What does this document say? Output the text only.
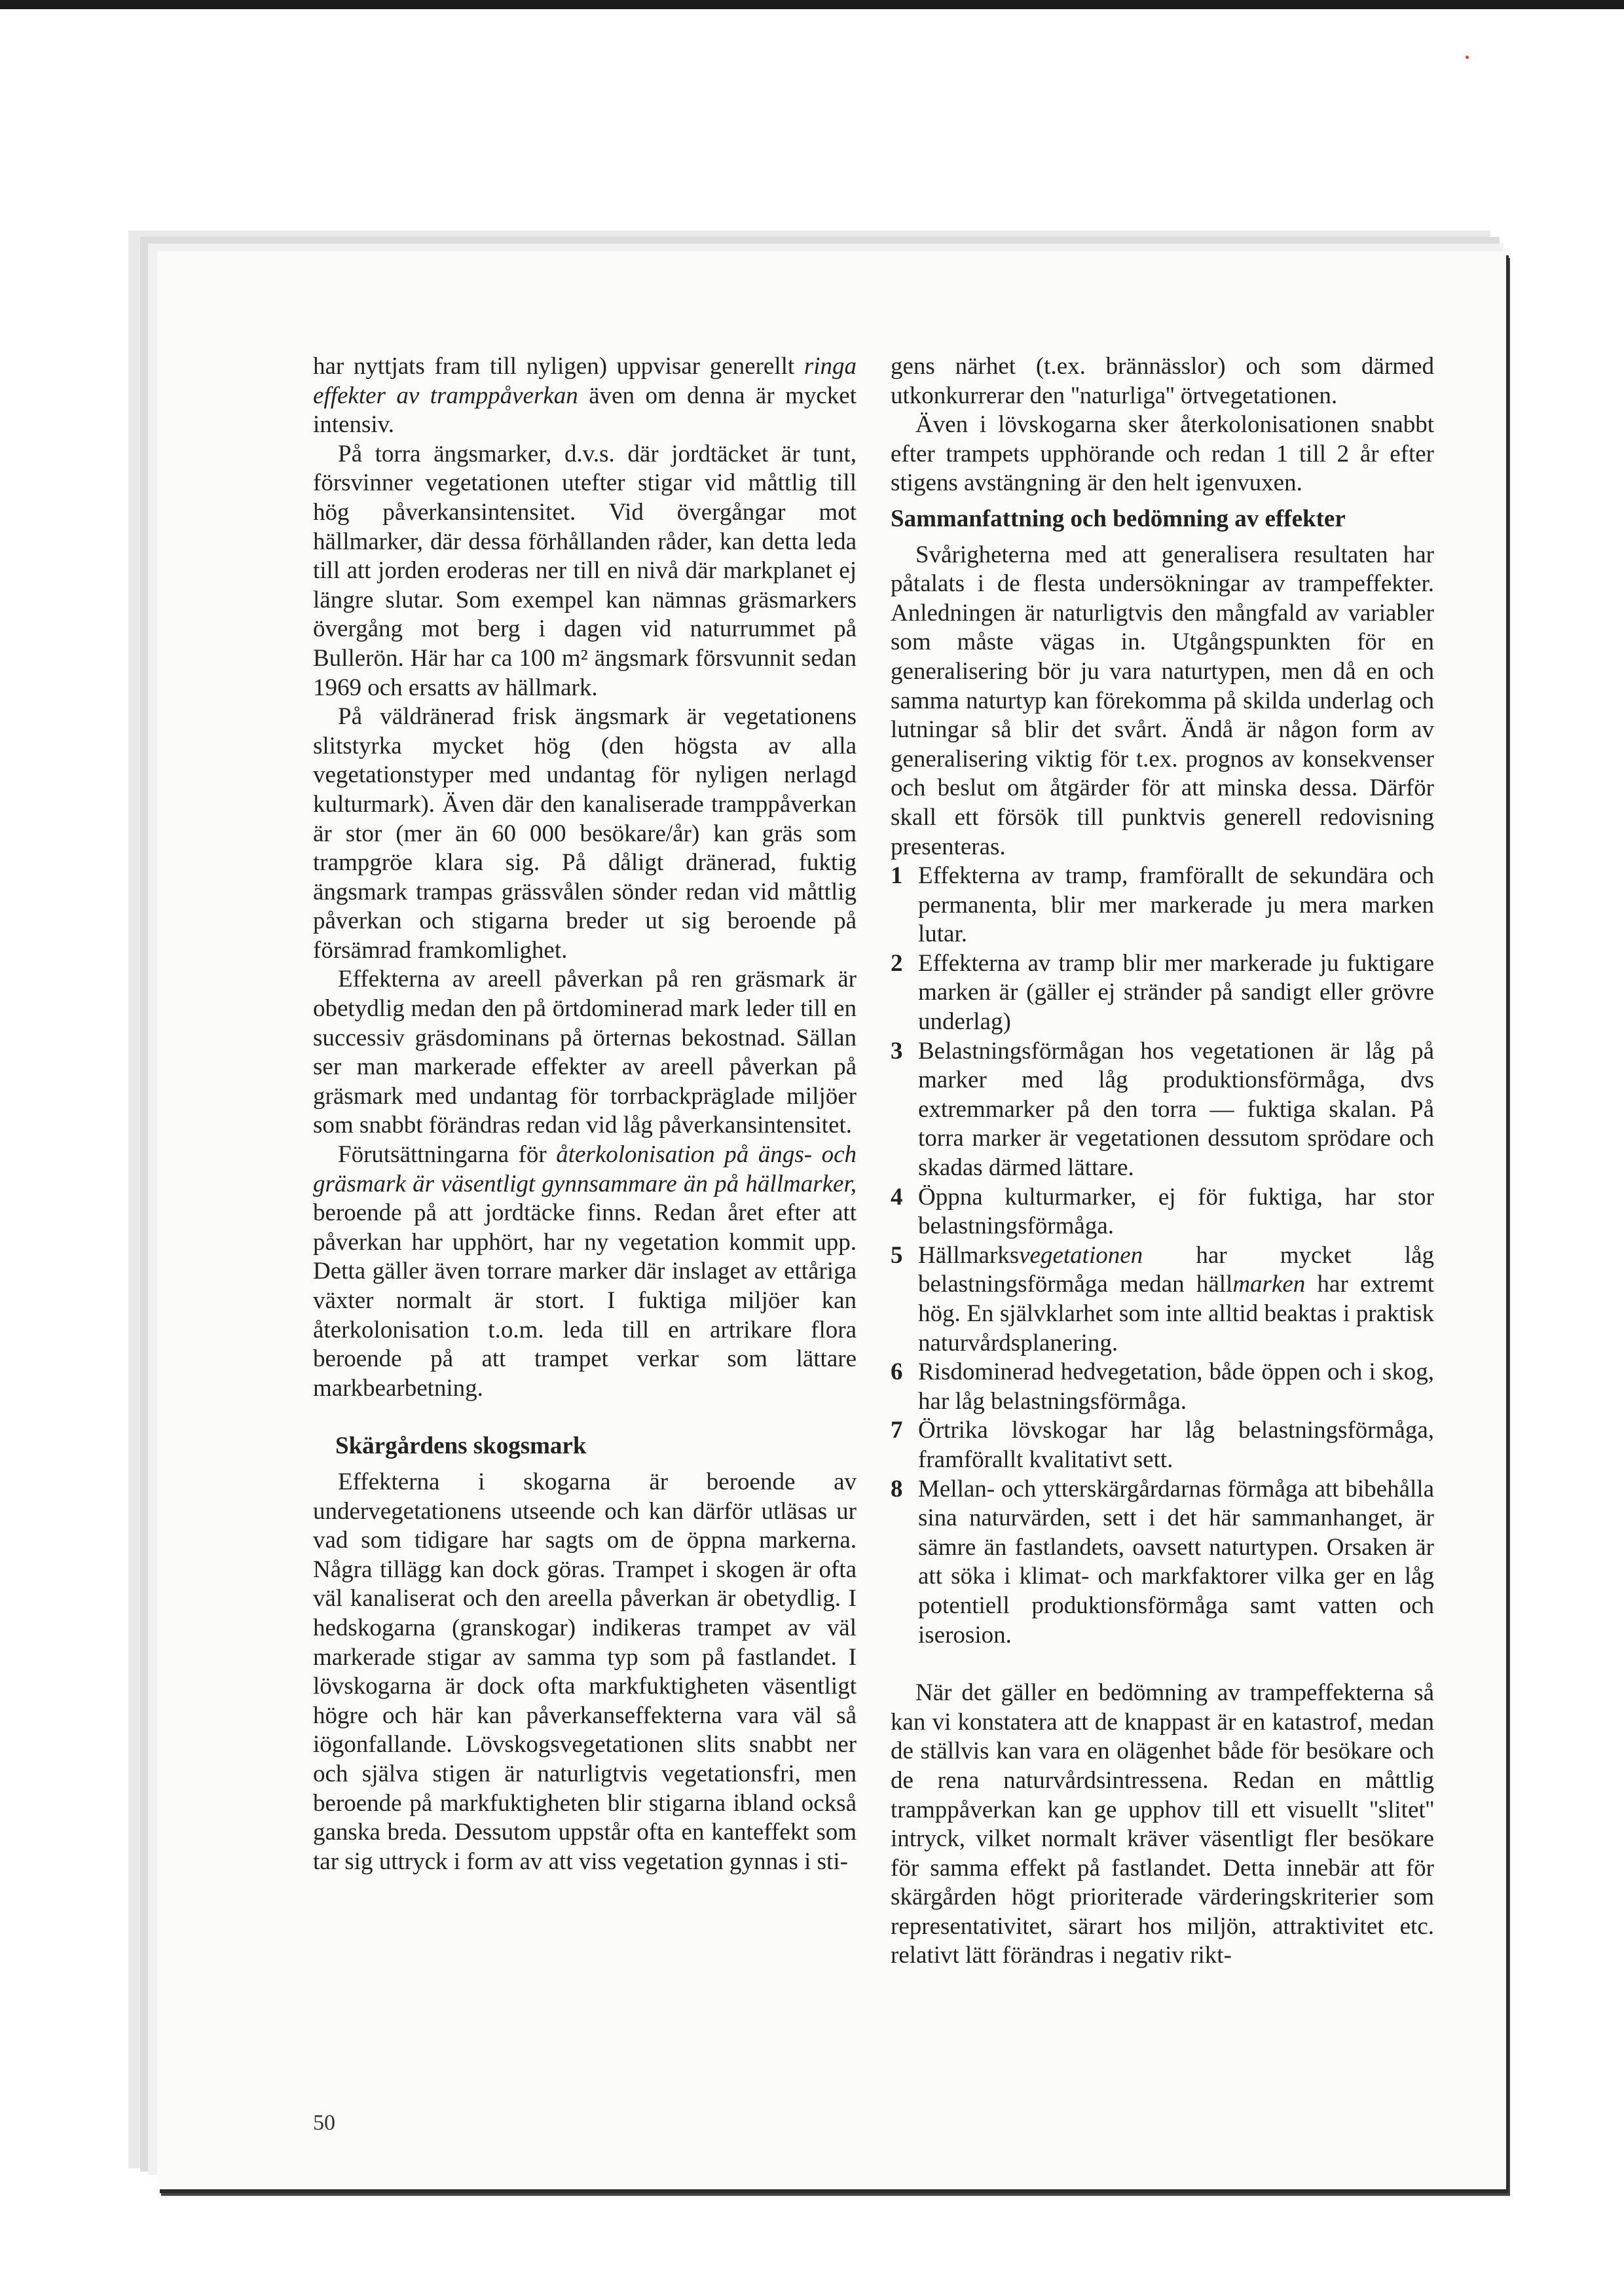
har nyttjats fram till nyligen) uppvisar generellt ringa effekter av tramppåverkan även om denna är mycket intensiv.

På torra ängsmarker, d.v.s. där jordtäcket är tunt, försvinner vegetationen utefter stigar vid måttlig till hög påverkansintensitet. Vid övergångar mot hällmarker, där dessa förhållanden råder, kan detta leda till att jorden eroderas ner till en nivå där markplanet ej längre slutar. Som exempel kan nämnas gräsmarkers övergång mot berg i dagen vid naturrummet på Bullerön. Här har ca 100 m² ängsmark försvunnit sedan 1969 och ersatts av hällmark.

På väldränerad frisk ängsmark är vegetationens slitstyrka mycket hög (den högsta av alla vegetationstyper med undantag för nyligen nerlagd kulturmark). Även där den kanaliserade tramppåverkan är stor (mer än 60 000 besökare/år) kan gräs som trampgröe klara sig. På dåligt dränerad, fuktig ängsmark trampas grässvålen sönder redan vid måttlig påverkan och stigarna breder ut sig beroende på försämrad framkomlighet.

Effekterna av areell påverkan på ren gräsmark är obetydlig medan den på örtdominerad mark leder till en successiv gräsdominans på örternas bekostnad. Sällan ser man markerade effekter av areell påverkan på gräsmark med undantag för torrbackpräglade miljöer som snabbt förändras redan vid låg påverkansintensitet.

Förutsättningarna för återkolonisation på ängs- och gräsmark är väsentligt gynnsammare än på hällmarker, beroende på att jordtäcke finns. Redan året efter att påverkan har upphört, har ny vegetation kommit upp. Detta gäller även torrare marker där inslaget av ettåriga växter normalt är stort. I fuktiga miljöer kan återkolonisation t.o.m. leda till en artrikare flora beroende på att trampet verkar som lättare markbearbetning.

Skärgårdens skogsmark

Effekterna i skogarna är beroende av undervegetationens utseende och kan därför utläsas ur vad som tidigare har sagts om de öppna markerna. Några tillägg kan dock göras. Trampet i skogen är ofta väl kanaliserat och den areella påverkan är obetydlig. I hedskogarna (granskogar) indikeras trampet av väl markerade stigar av samma typ som på fastlandet. I lövskogarna är dock ofta markfuktigheten väsentligt högre och här kan påverkanseffekterna vara väl så iögonfallande. Lövskogsvegetationen slits snabbt ner och själva stigen är naturligtvis vegetationsfri, men beroende på markfuktigheten blir stigarna ibland också ganska breda. Dessutom uppstår ofta en kanteffekt som tar sig uttryck i form av att viss vegetation gynnas i sti-

gens närhet (t.ex. brännässlor) och som därmed utkonkurrerar den ''naturliga'' örtvegetationen.

Även i lövskogarna sker återkolonisationen snabbt efter trampets upphörande och redan 1 till 2 år efter stigens avstängning är den helt igenvuxen.

Sammanfattning och bedömning av effekter

Svårigheterna med att generalisera resultaten har påtalats i de flesta undersökningar av trampeffekter. Anledningen är naturligtvis den mångfald av variabler som måste vägas in. Utgångspunkten för en generalisering bör ju vara naturtypen, men då en och samma naturtyp kan förekomma på skilda underlag och lutningar så blir det svårt. Ändå är någon form av generalisering viktig för t.ex. prognos av konsekvenser och beslut om åtgärder för att minska dessa. Därför skall ett försök till punktvis generell redovisning presenteras.

1 Effekterna av tramp, framförallt de sekundära och permanenta, blir mer markerade ju mera marken lutar.
2 Effekterna av tramp blir mer markerade ju fuktigare marken är (gäller ej stränder på sandigt eller grövre underlag)
3 Belastningsförmågan hos vegetationen är låg på marker med låg produktionsförmåga, dvs extremmarker på den torra — fuktiga skalan. På torra marker är vegetationen dessutom sprödare och skadas därmed lättare.
4 Öppna kulturmarker, ej för fuktiga, har stor belastningsförmåga.
5 Hällmarksvegetationen har mycket låg belastningsförmåga medan hällmarken har extremt hög. En självklarhet som inte alltid beaktas i praktisk naturvårdsplanering.
6 Risdominerad hedvegetation, både öppen och i skog, har låg belastningsförmåga.
7 Örtrika lövskogar har låg belastningsförmåga, framförallt kvalitativt sett.
8 Mellan- och ytterskärgårdarnas förmåga att bibehålla sina naturvärden, sett i det här sammanhanget, är sämre än fastlandets, oavsett naturtypen. Orsaken är att söka i klimat- och markfaktorer vilka ger en låg potentiell produktionsförmåga samt vatten och iserosion.

När det gäller en bedömning av trampeffekterna så kan vi konstatera att de knappast är en katastrof, medan de ställvis kan vara en olägenhet både för besökare och de rena naturvårdsintressena. Redan en måttlig tramppåverkan kan ge upphov till ett visuellt ''slitet'' intryck, vilket normalt kräver väsentligt fler besökare för samma effekt på fastlandet. Detta innebär att för skärgården högt prioriterade värderingskriterier som representativitet, särart hos miljön, attraktivitet etc. relativt lätt förändras i negativ rikt-

50
